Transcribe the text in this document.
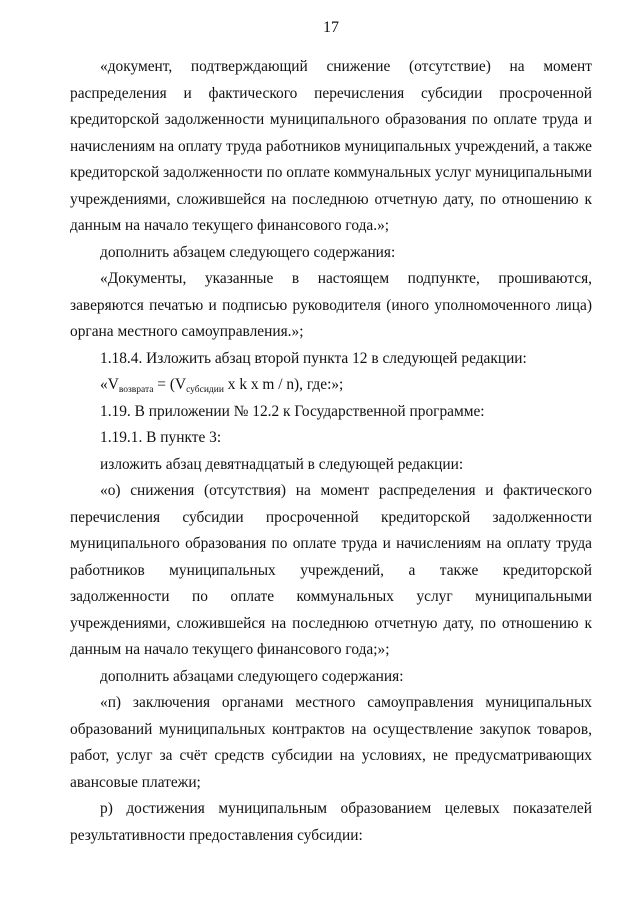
17

«документ, подтверждающий снижение (отсутствие) на момент распределения и фактического перечисления субсидии просроченной кредиторской задолженности муниципального образования по оплате труда и начислениям на оплату труда работников муниципальных учреждений, а также кредиторской задолженности по оплате коммунальных услуг муниципальными учреждениями, сложившейся на последнюю отчетную дату, по отношению к данным на начало текущего финансового года.»;

дополнить абзацем следующего содержания:

«Документы, указанные в настоящем подпункте, прошиваются, заверяются печатью и подписью руководителя (иного уполномоченного лица) органа местного самоуправления.»;

1.18.4. Изложить абзац второй пункта 12 в следующей редакции:

«$V_{возврата} = (V_{субсидии}$ x k x m / n), где:»;

1.19. В приложении № 12.2 к Государственной программе:

1.19.1. В пункте 3:

изложить абзац девятнадцатый в следующей редакции:

«о) снижения (отсутствия) на момент распределения и фактического перечисления субсидии просроченной кредиторской задолженности муниципального образования по оплате труда и начислениям на оплату труда работников муниципальных учреждений, а также кредиторской задолженности по оплате коммунальных услуг муниципальными учреждениями, сложившейся на последнюю отчетную дату, по отношению к данным на начало текущего финансового года;»;

дополнить абзацами следующего содержания:

«п) заключения органами местного самоуправления муниципальных образований муниципальных контрактов на осуществление закупок товаров, работ, услуг за счёт средств субсидии на условиях, не предусматривающих авансовые платежи;

р) достижения муниципальным образованием целевых показателей результативности предоставления субсидии:
